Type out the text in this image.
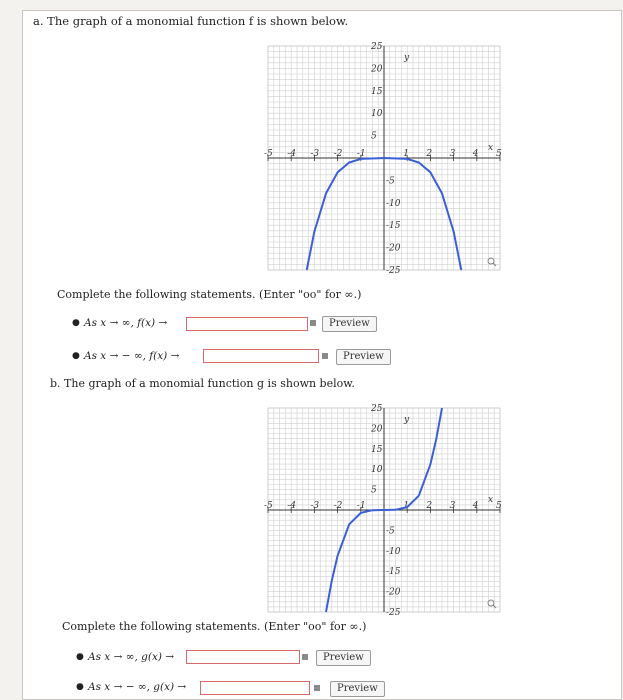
a. The graph of a monomial function f is shown below.
-5 -4 -3 -2 -1	1 2 3 4 5
25
20
15
10
5
-5
-10
-15
-20
-25
x
y
Complete the following statements. (Enter "oo" for ∞.)
● As x → ∞, f(x) →	Preview
● As x → − ∞, f(x) →	Preview
b. The graph of a monomial function g is shown below.
-5 -4 -3 -2 -1	1 2 3 4 5
25
20
15
10
5
-5
-10
-15
-20
-25
x
y
Complete the following statements. (Enter "oo" for ∞.)
● As x → ∞, g(x) →	Preview
● As x → − ∞, g(x) →	Preview
